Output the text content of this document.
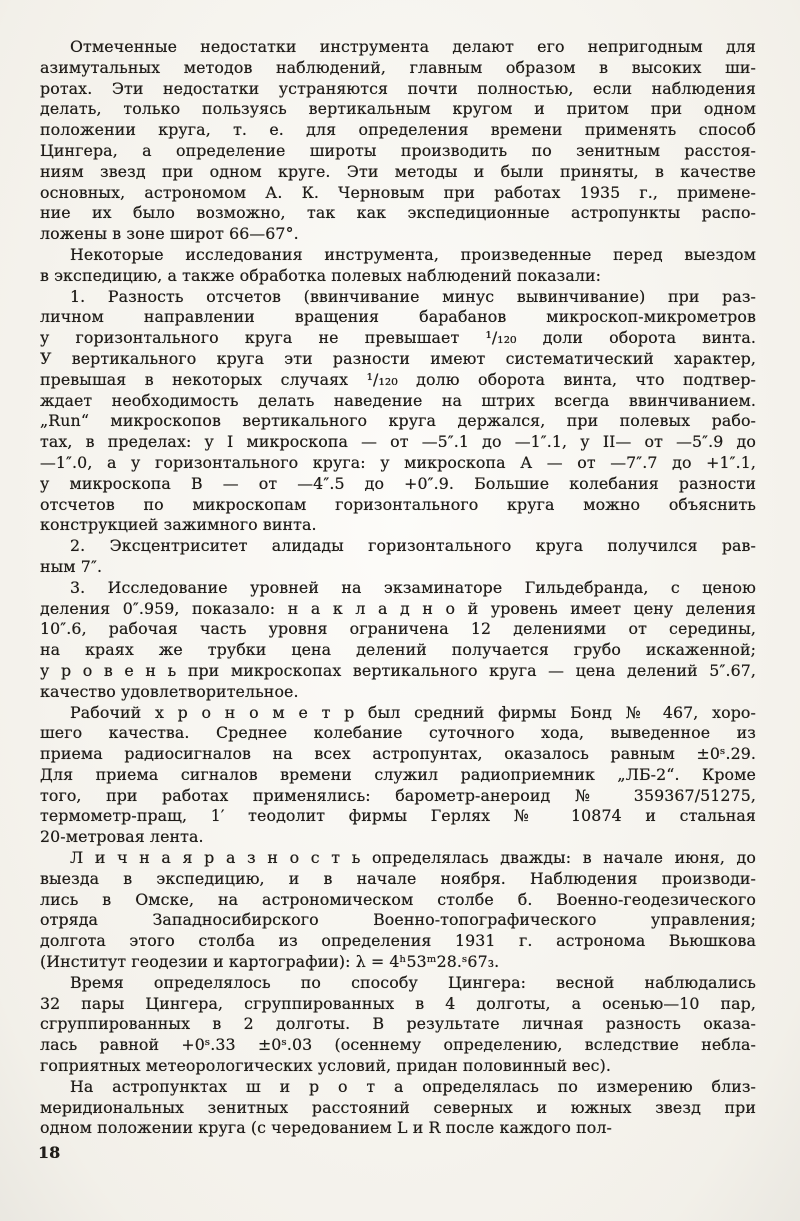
Отмеченные недостатки инструмента делают его непригодным для
азимутальных методов наблюдений, главным образом в высоких ши-
ротах. Эти недостатки устраняются почти полностью, если наблюдения
делать, только пользуясь вертикальным кругом и притом при одном
положении круга, т. е. для определения времени применять способ
Цингера, а определение широты производить по зенитным расстоя-
ниям звезд при одном круге. Эти методы и были приняты, в качестве
основных, астрономом А. К. Черновым при работах 1935 г., примене-
ние их было возможно, так как экспедиционные астропункты распо-
ложены в зоне широт 66—67°.

Некоторые исследования инструмента, произведенные перед выездом
в экспедицию, а также обработка полевых наблюдений показали:

1. Разность отсчетов (ввинчивание минус вывинчивание) при раз-
личном направлении вращения барабанов микроскоп-микрометров
у горизонтального круга не превышает ¹/₁₂₀ доли оборота винта.
У вертикального круга эти разности имеют систематический характер,
превышая в некоторых случаях ¹/₁₂₀ долю оборота винта, что подтвер-
ждает необходимость делать наведение на штрих всегда ввинчиванием.
„Run“ микроскопов вертикального круга держался, при полевых рабо-
тах, в пределах: у I микроскопа — от —5″.1 до —1″.1, у II— от —5″.9 до
—1″.0, а у горизонтального круга: у микроскопа А — от —7″.7 до +1″.1,
у микроскопа В — от —4″.5 до +0″.9. Большие колебания разности
отсчетов по микроскопам горизонтального круга можно объяснить
конструкцией зажимного винта.

2. Эксцентриситет алидады горизонтального круга получился рав-
ным 7″.

3. Исследование уровней на экзаминаторе Гильдебранда, с ценою
деления 0″.959, показало: н а к л а д н о й уровень имеет цену деления
10″.6, рабочая часть уровня ограничена 12 делениями от середины,
на краях же трубки цена делений получается грубо искаженной;
у р о в е н ь при микроскопах вертикального круга — цена делений 5″.67,
качество удовлетворительное.

Рабочий х р о н о м е т р был средний фирмы Бонд № 467, хоро-
шего качества. Среднее колебание суточного хода, выведенное из
приема радиосигналов на всех астропунтах, оказалось равным ±0ˢ.29.
Для приема сигналов времени служил радиоприемник „ЛБ-2“. Кроме
того, при работах применялись: барометр-анероид № 359367/51275,
термометр-пращ, 1′ теодолит фирмы Герлях № 10874 и стальная
20-метровая лента.

Л и ч н а я р а з н о с т ь определялась дважды: в начале июня, до
выезда в экспедицию, и в начале ноября. Наблюдения производи-
лись в Омске, на астрономическом столбе б. Военно-геодезического
отряда Западносибирского Военно-топографического управления;
долгота этого столба из определения 1931 г. астронома Вьюшкова
(Институт геодезии и картографии): λ = 4ʰ53ᵐ28.ˢ67₃.

Время определялось по способу Цингера: весной наблюдались
32 пары Цингера, сгруппированных в 4 долготы, а осенью—10 пар,
сгруппированных в 2 долготы. В результате личная разность оказа-
лась равной +0ˢ.33 ±0ˢ.03 (осеннему определению, вследствие небла-
гоприятных метеорологических условий, придан половинный вес).

На астропунктах ш и р о т а определялась по измерению близ-
меридиональных зенитных расстояний северных и южных звезд при
одном положении круга (с чередованием L и R после каждого пол-

18
